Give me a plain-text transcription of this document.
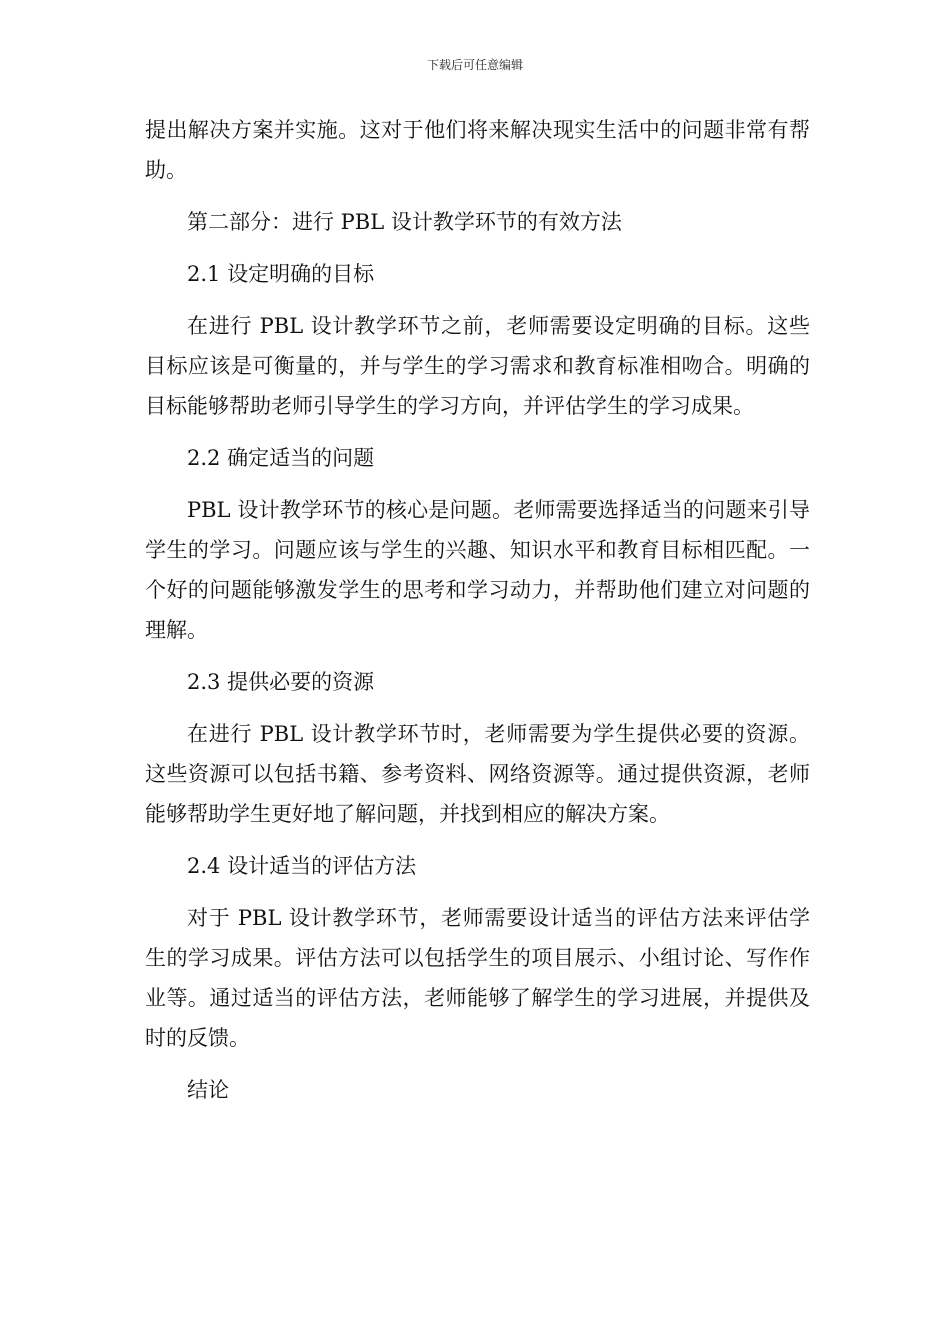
下载后可任意编辑

提出解决方案并实施。这对于他们将来解决现实生活中的问题非常有帮助。

第二部分：进行 PBL 设计教学环节的有效方法

2.1 设定明确的目标

在进行 PBL 设计教学环节之前，老师需要设定明确的目标。这些目标应该是可衡量的，并与学生的学习需求和教育标准相吻合。明确的目标能够帮助老师引导学生的学习方向，并评估学生的学习成果。

2.2 确定适当的问题

PBL 设计教学环节的核心是问题。老师需要选择适当的问题来引导学生的学习。问题应该与学生的兴趣、知识水平和教育目标相匹配。一个好的问题能够激发学生的思考和学习动力，并帮助他们建立对问题的理解。

2.3 提供必要的资源

在进行 PBL 设计教学环节时，老师需要为学生提供必要的资源。这些资源可以包括书籍、参考资料、网络资源等。通过提供资源，老师能够帮助学生更好地了解问题，并找到相应的解决方案。

2.4 设计适当的评估方法

对于 PBL 设计教学环节，老师需要设计适当的评估方法来评估学生的学习成果。评估方法可以包括学生的项目展示、小组讨论、写作作业等。通过适当的评估方法，老师能够了解学生的学习进展，并提供及时的反馈。

结论
